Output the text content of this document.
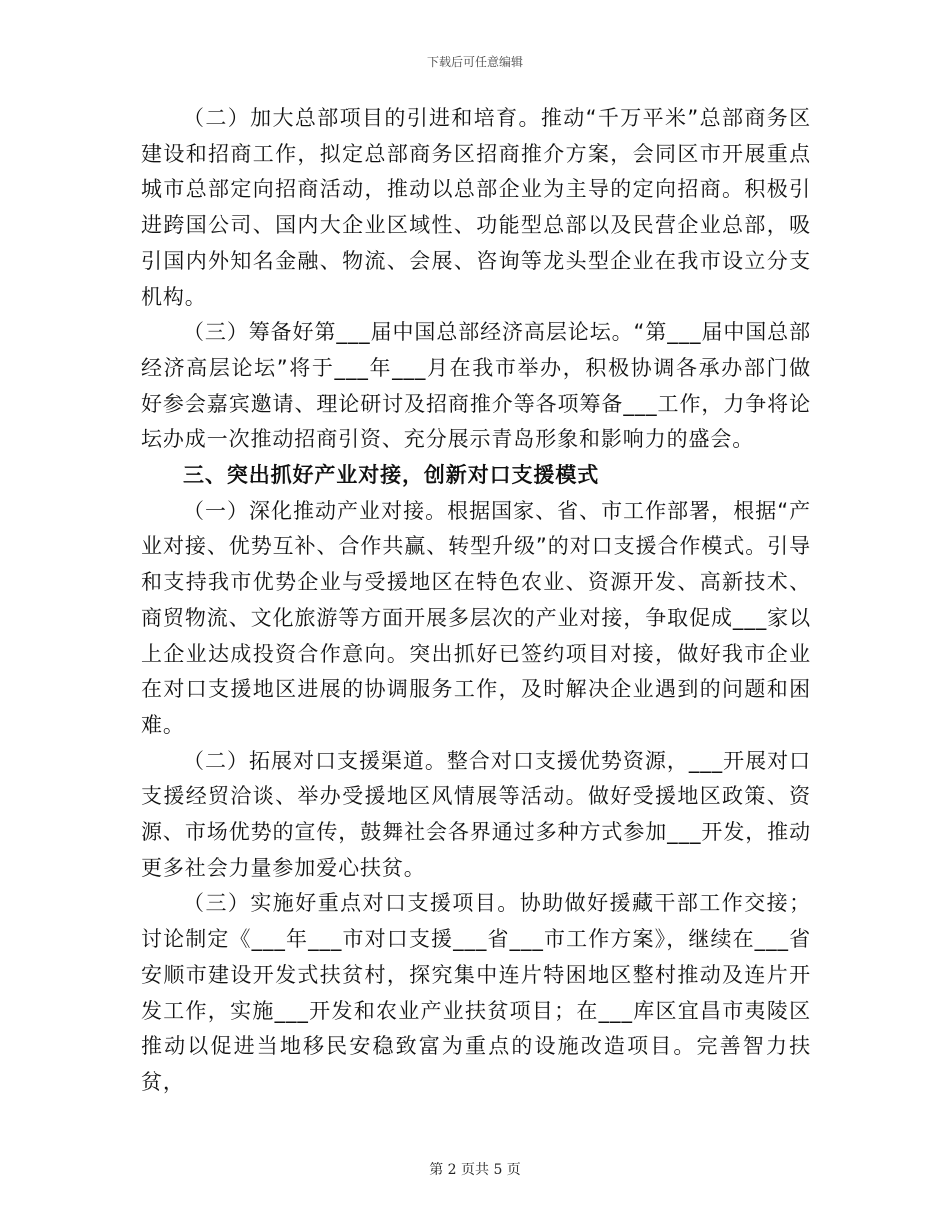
下载后可任意编辑

（二）加大总部项目的引进和培育。推动“千万平米”总部商务区建设和招商工作，拟定总部商务区招商推介方案，会同区市开展重点城市总部定向招商活动，推动以总部企业为主导的定向招商。积极引进跨国公司、国内大企业区域性、功能型总部以及民营企业总部，吸引国内外知名金融、物流、会展、咨询等龙头型企业在我市设立分支机构。

（三）筹备好第___届中国总部经济高层论坛。“第___届中国总部经济高层论坛”将于___年___月在我市举办，积极协调各承办部门做好参会嘉宾邀请、理论研讨及招商推介等各项筹备___工作，力争将论坛办成一次推动招商引资、充分展示青岛形象和影响力的盛会。

三、突出抓好产业对接，创新对口支援模式

（一）深化推动产业对接。根据国家、省、市工作部署，根据“产业对接、优势互补、合作共赢、转型升级”的对口支援合作模式。引导和支持我市优势企业与受援地区在特色农业、资源开发、高新技术、商贸物流、文化旅游等方面开展多层次的产业对接，争取促成___家以上企业达成投资合作意向。突出抓好已签约项目对接，做好我市企业在对口支援地区进展的协调服务工作，及时解决企业遇到的问题和困难。

（二）拓展对口支援渠道。整合对口支援优势资源，___开展对口支援经贸洽谈、举办受援地区风情展等活动。做好受援地区政策、资源、市场优势的宣传，鼓舞社会各界通过多种方式参加___开发，推动更多社会力量参加爱心扶贫。

（三）实施好重点对口支援项目。协助做好援藏干部工作交接；讨论制定《___年___市对口支援___省___市工作方案》，继续在___省安顺市建设开发式扶贫村，探究集中连片特困地区整村推动及连片开发工作，实施___开发和农业产业扶贫项目；在___库区宜昌市夷陵区推动以促进当地移民安稳致富为重点的设施改造项目。完善智力扶贫，

第 2 页共 5 页
